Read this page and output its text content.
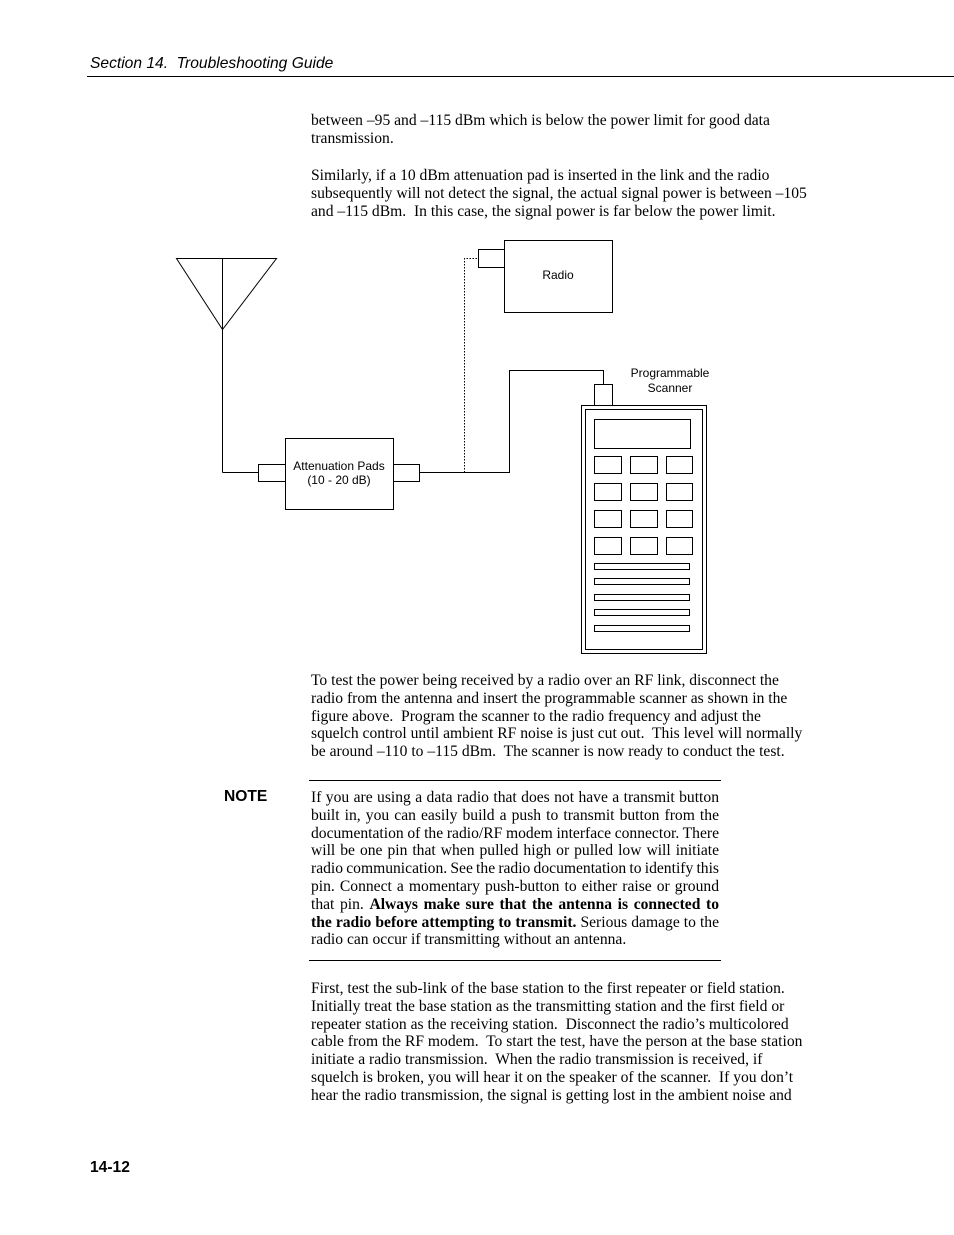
Section 14.  Troubleshooting Guide
between –95 and –115 dBm which is below the power limit for good data
transmission.
Similarly, if a 10 dBm attenuation pad is inserted in the link and the radio
subsequently will not detect the signal, the actual signal power is between –105
and –115 dBm.  In this case, the signal power is far below the power limit.
Attenuation Pads
(10 - 20 dB)
Radio
Programmable
Scanner
To test the power being received by a radio over an RF link, disconnect the
radio from the antenna and insert the programmable scanner as shown in the
figure above.  Program the scanner to the radio frequency and adjust the
squelch control until ambient RF noise is just cut out.  This level will normally
be around –110 to –115 dBm.  The scanner is now ready to conduct the test.
NOTE	If you are using a data radio that does not have a transmit button
built in, you can easily build a push to transmit button from the
documentation of the radio/RF modem interface connector. There
will be one pin that when pulled high or pulled low will initiate
radio communication. See the radio documentation to identify this
pin. Connect a momentary push-button to either raise or ground
that pin. Always make sure that the antenna is connected to
the radio before attempting to transmit. Serious damage to the
radio can occur if transmitting without an antenna.
First, test the sub-link of the base station to the first repeater or field station.
Initially treat the base station as the transmitting station and the first field or
repeater station as the receiving station.  Disconnect the radio’s multicolored
cable from the RF modem.  To start the test, have the person at the base station
initiate a radio transmission.  When the radio transmission is received, if
squelch is broken, you will hear it on the speaker of the scanner.  If you don’t
hear the radio transmission, the signal is getting lost in the ambient noise and
14-12
